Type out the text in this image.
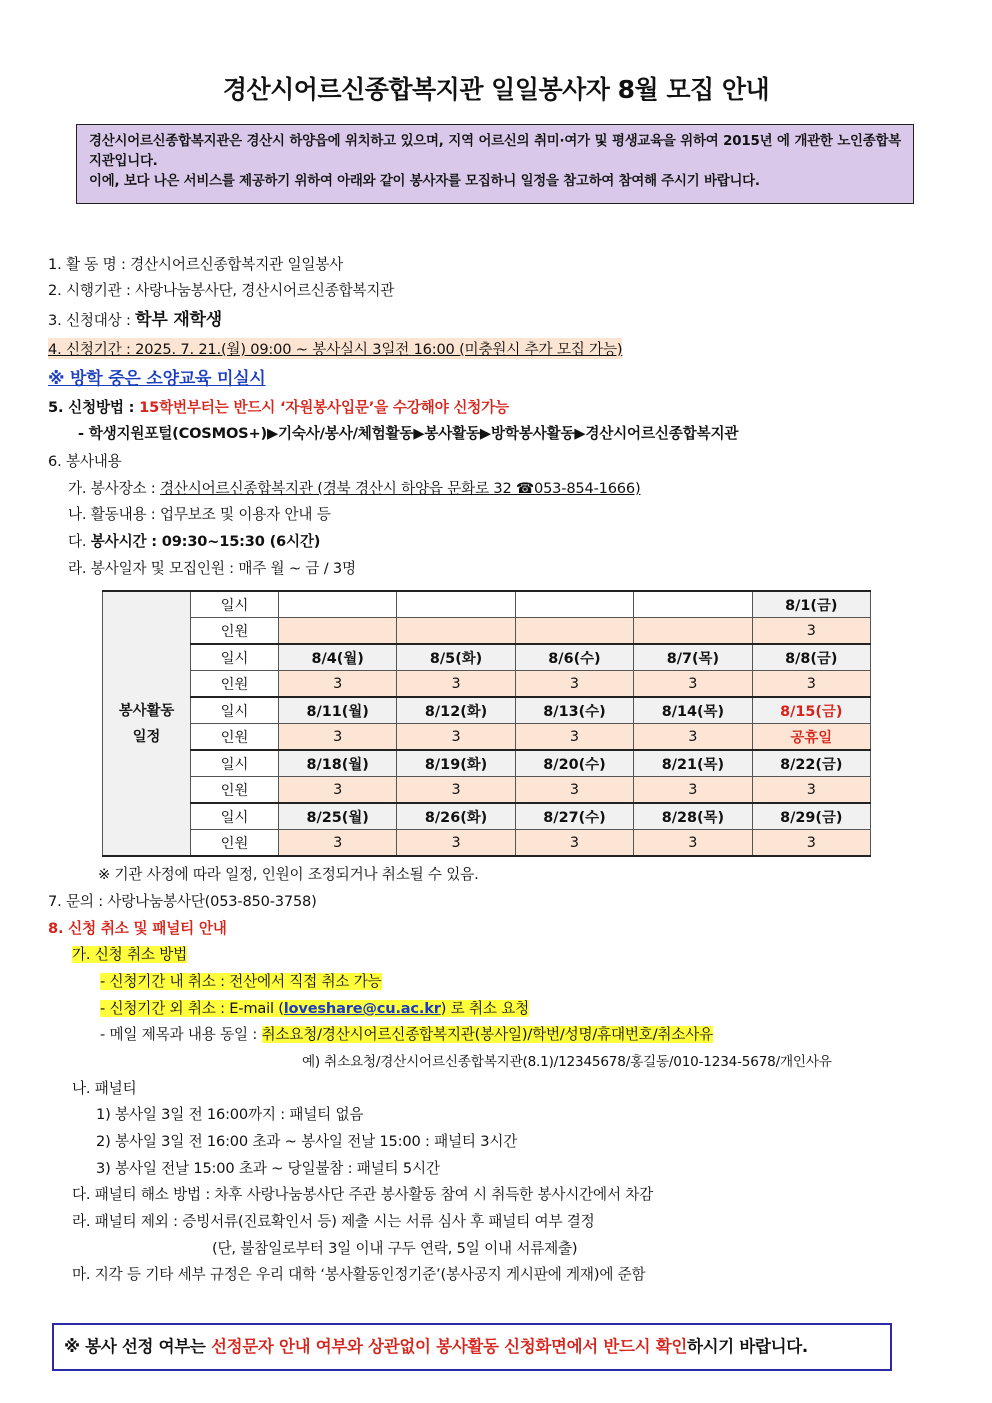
경산시어르신종합복지관 일일봉사자 8월 모집 안내
경산시어르신종합복지관은 경산시 하양읍에 위치하고 있으며, 지역 어르신의 취미·여가 및 평생교육을 위하여 2015년 에 개관한 노인종합복지관입니다.
이에, 보다 나은 서비스를 제공하기 위하여 아래와 같이 봉사자를 모집하니 일정을 참고하여 참여해 주시기 바랍니다.
1. 활 동 명 : 경산시어르신종합복지관 일일봉사
2. 시행기관 : 사랑나눔봉사단, 경산시어르신종합복지관
3. 신청대상 : 학부 재학생
4. 신청기간 : 2025. 7. 21.(월) 09:00 ~ 봉사실시 3일전 16:00 (미충원시 추가 모집 가능)
※ 방학 중은 소양교육 미실시
5. 신청방법 : 15학번부터는 반드시 ‘자원봉사입문’을 수강해야 신청가능
- 학생지원포털(COSMOS+)▶기숙사/봉사/체험활동▶봉사활동▶방학봉사활동▶경산시어르신종합복지관
6. 봉사내용
가. 봉사장소 : 경산시어르신종합복지관 (경북 경산시 하양읍 문화로 32 ☎053-854-1666)
나. 활동내용 : 업무보조 및 이용자 안내 등
다. 봉사시간 : 09:30~15:30 (6시간)
라. 봉사일자 및 모집인원 : 매주 월 ~ 금 / 3명
봉사활동
일정	일시					8/1(금)
	인원					3
	일시	8/4(월)	8/5(화)	8/6(수)	8/7(목)	8/8(금)
	인원	3	3	3	3	3
	일시	8/11(월)	8/12(화)	8/13(수)	8/14(목)	8/15(금)
	인원	3	3	3	3	공휴일
	일시	8/18(월)	8/19(화)	8/20(수)	8/21(목)	8/22(금)
	인원	3	3	3	3	3
	일시	8/25(월)	8/26(화)	8/27(수)	8/28(목)	8/29(금)
	인원	3	3	3	3	3
※ 기관 사정에 따라 일정, 인원이 조정되거나 취소될 수 있음.
7. 문의 : 사랑나눔봉사단(053-850-3758)
8. 신청 취소 및 패널티 안내
가. 신청 취소 방법
- 신청기간 내 취소 : 전산에서 직접 취소 가능
- 신청기간 외 취소 : E-mail (loveshare@cu.ac.kr) 로 취소 요청
- 메일 제목과 내용 동일 : 취소요청/경산시어르신종합복지관(봉사일)/학번/성명/휴대번호/취소사유
예) 취소요청/경산시어르신종합복지관(8.1)/12345678/홍길동/010-1234-5678/개인사유
나. 패널티
1) 봉사일 3일 전 16:00까지 : 패널티 없음
2) 봉사일 3일 전 16:00 초과 ~ 봉사일 전날 15:00 : 패널티 3시간
3) 봉사일 전날 15:00 초과 ~ 당일불참 : 패널티 5시간
다. 패널티 해소 방법 : 차후 사랑나눔봉사단 주관 봉사활동 참여 시 취득한 봉사시간에서 차감
라. 패널티 제외 : 증빙서류(진료확인서 등) 제출 시는 서류 심사 후 패널티 여부 결정
(단, 불참일로부터 3일 이내 구두 연락, 5일 이내 서류제출)
마. 지각 등 기타 세부 규정은 우리 대학 ‘봉사활동인정기준’(봉사공지 게시판에 게재)에 준함
※ 봉사 선정 여부는 선정문자 안내 여부와 상관없이 봉사활동 신청화면에서 반드시 확인하시기 바랍니다.
